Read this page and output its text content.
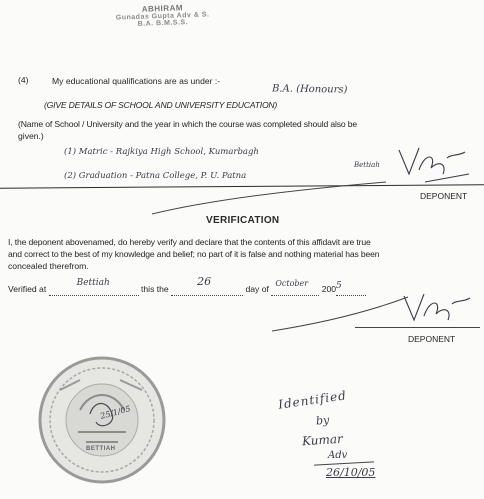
ABHIRAM
Gunadas Gupta Adv & S.
B.A. B.M.S.S.
(4)	My educational qualifications are as under :-
B.A. (Honours)
(GIVE DETAILS OF SCHOOL AND UNIVERSITY EDUCATION)
(Name of School / University and the year in which the course was completed should also be
given.)
(1) Matric - Rajkiya High School, Kumarbagh
Bettiah
(2) Graduation - Patna College, P. U. Patna
DEPONENT
VERIFICATION
I, the deponent abovenamed, do hereby verify and declare that the contents of this affidavit are true
and correct to the best of my knowledge and belief; no part of it is false and nothing material has been
concealed therefrom.
Verified at
Bettiah
this the
26
day of
October
200 5

DEPONENT
BETTIAH
25/1/05
Identified
by
Kumar
Adv
26/10/05
